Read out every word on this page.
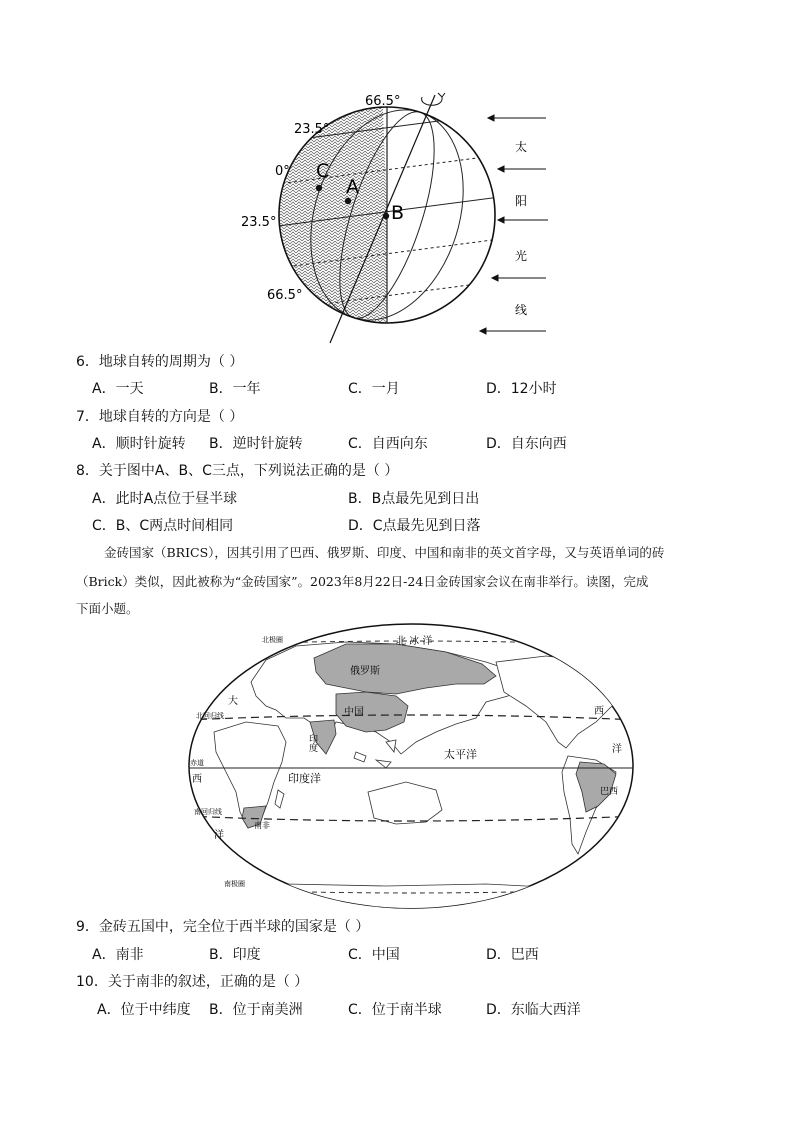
C
A
B
66.5°
23.5°
0°
23.5°
66.5°
太
阳
光
线
6．地球自转的周期为（ ）
A．一天	B．一年	C．一月	D．12小时
7．地球自转的方向是（ ）
A．顺时针旋转 B．逆时针旋转	C．自西向东	D．自东向西
8．关于图中A、B、C三点，下列说法正确的是（ ）
A．此时A点位于昼半球	B．B点最先见到日出
C．B、C两点时间相同	D．C点最先见到日落
金砖国家（BRICS），因其引用了巴西、俄罗斯、印度、中国和南非的英文首字母，又与英语单词的砖
（Brick）类似，因此被称为“金砖国家”。2023年8月22日-24日金砖国家会议在南非举行。读图，完成
下面小题。
北极圈	北 冰 洋
俄罗斯
中国
印度
太平洋
印度洋
巴西
南非
赤道
北回归线
南回归线
南极圈
大
西
洋
西
洋
9．金砖五国中，完全位于西半球的国家是（ ）
A．南非	B．印度	C．中国	D．巴西
10．关于南非的叙述，正确的是（ ）
A．位于中纬度 B．位于南美洲	C．位于南半球	D．东临大西洋
